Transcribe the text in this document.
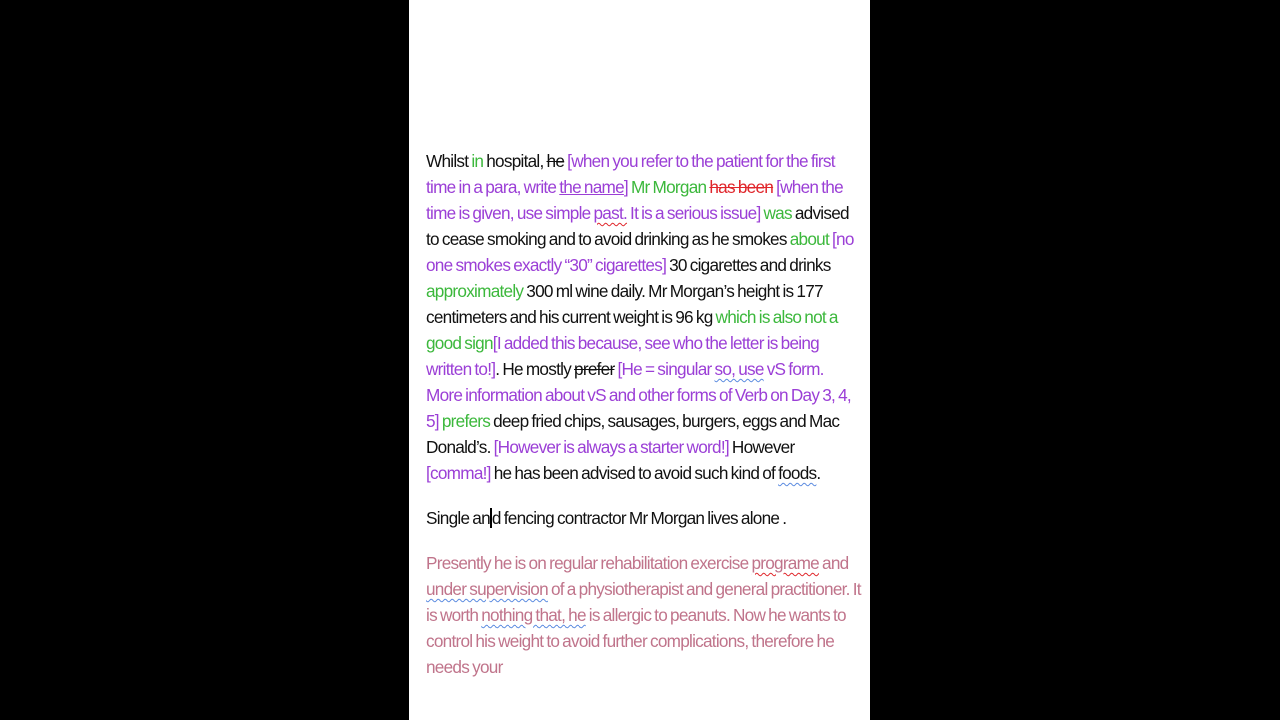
Whilst in hospital, he [when you refer to the patient for the first time in a para, write the name] Mr Morgan has been [when the time is given, use simple past. It is a serious issue] was advised to cease smoking and to avoid drinking as he smokes about [no one smokes exactly “30” cigarettes] 30 cigarettes and drinks approximately 300 ml wine daily. Mr Morgan’s height is 177 centimeters and his current weight is 96 kg which is also not a good sign[I added this because, see who the letter is being written to!]. He mostly prefer [He = singular so, use vS form. More information about vS and other forms of Verb on Day 3, 4, 5] prefers deep fried chips, sausages, burgers, eggs and Mac Donald’s. [However is always a starter word!] However [comma!] he has been advised to avoid such kind of foods.

Single an d fencing contractor Mr Morgan lives alone .

Presently he is on regular rehabilitation exercise programe and under supervision of a physiotherapist and general practitioner. It is worth nothing that, he is allergic to peanuts. Now he wants to control his weight to avoid further complications, therefore he needs your
